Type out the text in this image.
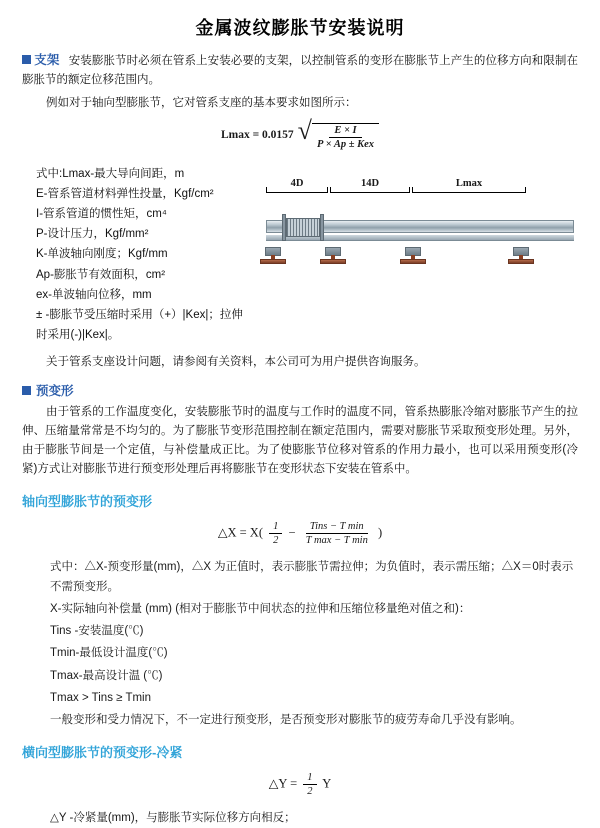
金属波纹膨胀节安装说明

支架 安装膨胀节时必须在管系上安装必要的支架，以控制管系的变形在膨胀节上产生的位移方向和限制在膨胀节的额定位移范围内。

例如对于轴向型膨胀节，它对管系支座的基本要求如图所示：

Lmax = 0.0157 √ $\frac{E \times I}{\text{P × Ap ± Kex}}$
式中:Lmax-最大导向间距，m
E-管系管道材料弹性投量，Kgf/cm²
I-管系管道的惯性矩，cm⁴
P-设计压力，Kgf/mm²
K-单波轴向刚度；Kgf/mm
Ap-膨胀节有效面积，cm²
ex-单波轴向位移，mm
± -膨胀节受压缩时采用（+）|Kex|；拉伸时采用(-)|Kex|。
4D	14D	Lmax

关于管系支座设计问题，请参阅有关资料，本公司可为用户提供咨询服务。

预变形

由于管系的工作温度变化，安装膨胀节时的温度与工作时的温度不同，管系热膨胀冷缩对膨胀节产生的拉伸、压缩量常常是不均匀的。为了膨胀节变形范围控制在额定范围内，需要对膨胀节采取预变形处理。另外，由于膨胀节间是一个定值，与补偿量成正比。为了使膨胀节位移对管系的作用力最小，也可以采用预变形(冷紧)方式让对膨胀节进行预变形处理后再将膨胀节在变形状态下安装在管系中。

轴向型膨胀节的预变形
△X = $X( \frac{1}{2} - \frac{\text{Tins − T min}}{\text{T max − T min}}$ )

式中：△X-预变形量(mm)，△X 为正值时，表示膨胀节需拉伸；为负值时，表示需压缩；△X＝0时表示不需预变形。

X-实际轴向补偿量 (mm) (相对于膨胀节中间状态的拉伸和压缩位移量绝对值之和)：

Tins -安装温度(℃)

Tmin-最低设计温度(℃)

Tmax-最高设计温 (℃)

Tmax > Tins ≥ Tmin

一般变形和受力情况下，不一定进行预变形，是否预变形对膨胀节的疲劳寿命几乎没有影响。

横向型膨胀节的预变形-冷紧
△Y = $\frac{1}{2}$ Y

△Y -冷紧量(mm)，与膨胀节实际位移方向相反；
